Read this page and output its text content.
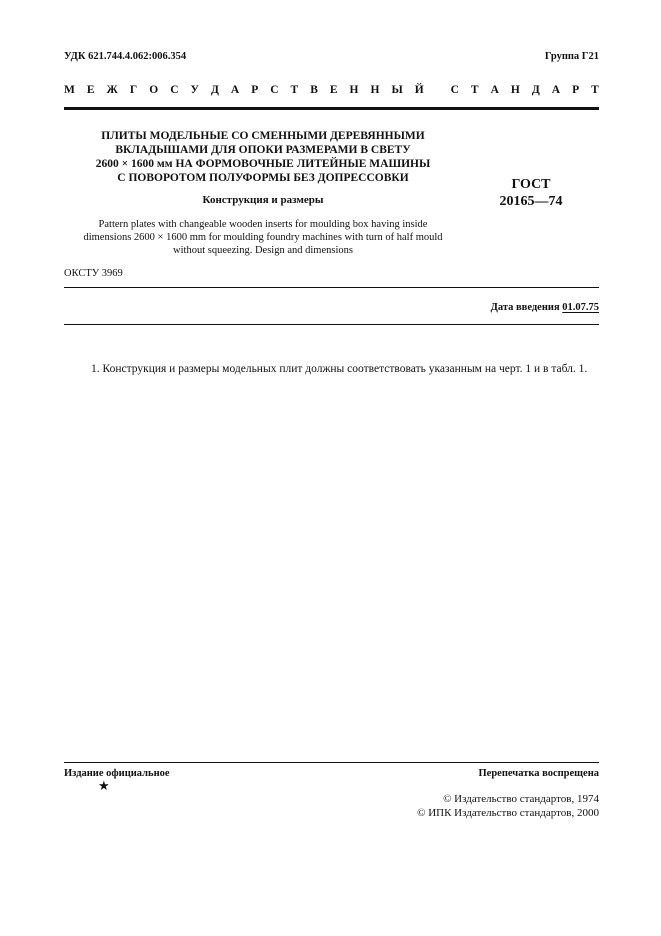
УДК 621.744.4.062:006.354	Группа Г21
М Е Ж Г О С У Д А Р С Т В Е Н Н Ы Й
С Т А Н Д А Р Т
ПЛИТЫ МОДЕЛЬНЫЕ СО СМЕННЫМИ ДЕРЕВЯННЫМИ
ВКЛАДЫШАМИ ДЛЯ ОПОКИ РАЗМЕРАМИ В СВЕТУ
2600 × 1600 мм НА ФОРМОВОЧНЫЕ ЛИТЕЙНЫЕ МАШИНЫ
С ПОВОРОТОМ ПОЛУФОРМЫ БЕЗ ДОПРЕССОВКИ
Конструкция и размеры
ГОСТ
20165—74
Pattern plates with changeable wooden inserts for moulding box having inside
dimensions 2600 × 1600 mm for moulding foundry machines with turn of half mould
without squeezing. Design and dimensions
ОКСТУ 3969
Дата введения 01.07.75
1. Конструкция и размеры модельных плит должны соответствовать указанным на черт. 1 и в табл. 1.
Издание официальное	Перепечатка воспрещена
★
© Издательство стандартов, 1974
© ИПК Издательство стандартов, 2000
